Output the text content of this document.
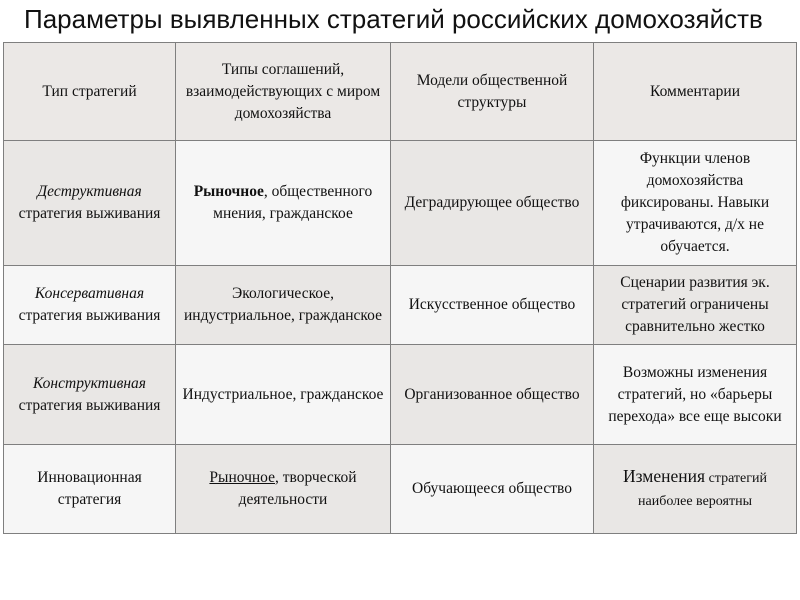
Параметры выявленных стратегий российских домохозяйств
Тип стратегий	Типы соглашений, взаимодействующих с миром домохозяйства	Модели общественной структуры	Комментарии
Деструктивная
стратегия выживания	Рыночное, общественного мнения, гражданское	Деградирующее общество	Функции членов домохозяйства фиксированы. Навыки утрачиваются, д/х не обучается.
Консервативная
стратегия выживания	Экологическое, индустриальное, гражданское	Искусственное общество	Сценарии развития эк. стратегий ограничены сравнительно жестко
Конструктивная
стратегия выживания	Индустриальное, гражданское	Организованное общество	Возможны изменения стратегий, но «барьеры перехода» все еще высоки
Инновационная стратегия	Рыночное, творческой деятельности	Обучающееся общество	Изменения стратегий наиболее вероятны
